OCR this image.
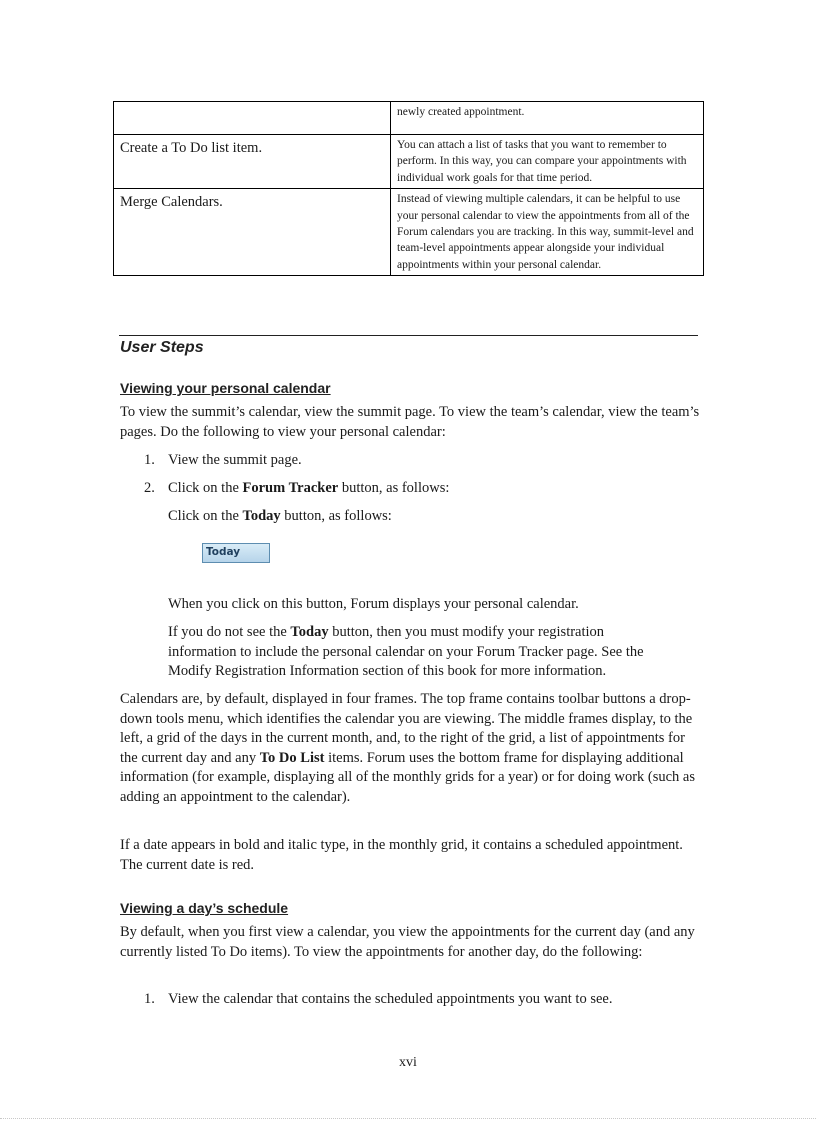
	newly created appointment.
Create a To Do list item.	You can attach a list of tasks that you want to remember to perform. In this way, you can compare your appointments with individual work goals for that time period.
Merge Calendars.	Instead of viewing multiple calendars, it can be helpful to use your personal calendar to view the appointments from all of the Forum calendars you are tracking. In this way, summit-level and team-level appointments appear alongside your individual appointments within your personal calendar.
User Steps
Viewing your personal calendar

To view the summit’s calendar, view the summit page. To view the team’s calendar, view the team’s pages. Do the following to view your personal calendar:

1. View the summit page.

2. Click on the Forum Tracker button, as follows:

Click on the Today button, as follows:

Today

When you click on this button, Forum displays your personal calendar.

If you do not see the Today button, then you must modify your registration information to include the personal calendar on your Forum Tracker page. See the Modify Registration Information section of this book for more information.

Calendars are, by default, displayed in four frames. The top frame contains toolbar buttons a drop-down tools menu, which identifies the calendar you are viewing. The middle frames display, to the left, a grid of the days in the current month, and, to the right of the grid, a list of appointments for the current day and any To Do List items. Forum uses the bottom frame for displaying additional information (for example, displaying all of the monthly grids for a year) or for doing work (such as adding an appointment to the calendar).

If a date appears in bold and italic type, in the monthly grid, it contains a scheduled appointment. The current date is red.

Viewing a day’s schedule

By default, when you first view a calendar, you view the appointments for the current day (and any currently listed To Do items). To view the appointments for another day, do the following:

1. View the calendar that contains the scheduled appointments you want to see.

xvi
